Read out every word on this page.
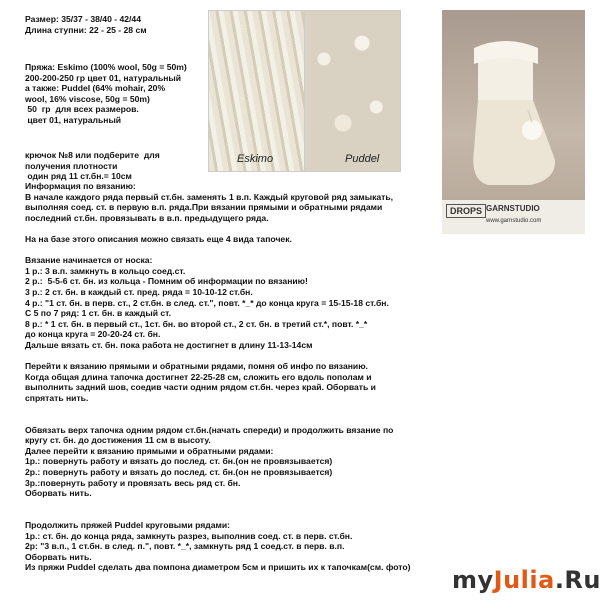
Размер: 35/37 - 38/40 - 42/44
Длина ступни: 22 - 25 - 28 см
Пряжа: Eskimo (100% wool, 50g = 50m)
200-200-250 гр цвет 01, натуральный
а также: Puddel (64% mohair, 20%
wool, 16% viscose, 50g = 50m)
50  гр  для всех размеров.
цвет 01, натуральный
крючок №8 или подберите  для
получения плотности
один ряд 11 ст.бн.= 10см
Информация по вязанию:
В начале каждого ряда первый ст.бн. заменять 1 в.п. Каждый круговой ряд замыкать,
выполняя соед. ст. в первую в.п. ряда.При вязании прямыми и обратными рядами
последний ст.бн. провязывать в в.п. предыдущего ряда.

На на базе этого описания можно связать еще 4 вида тапочек.

Вязание начинается от носка:
1 р.: 3 в.п. замкнуть в кольцо соед.ст.
2 р.:  5-5-6 ст. бн. из кольца - Помним об информации по вязанию!
3 р.: 2 ст. бн. в каждый ст. пред. ряда = 10-10-12 ст.бн.
4 р.: "1 ст. бн. в перв. ст., 2 ст.бн. в след. ст.", повт. *_* до конца круга = 15-15-18 ст.бн.
С 5 по 7 ряд: 1 ст. бн. в каждый ст.
8 р.: * 1 ст. бн. в первый ст., 1ст. бн. во второй ст., 2 ст. бн. в третий ст.*, повт. *_*
до конца круга = 20-20-24 ст. бн.
Дальше вязать ст. бн. пока работа не достигнет в длину 11-13-14см

Перейти к вязанию прямыми и обратными рядами, помня об инфо по вязанию.
Когда общая длина тапочка достигнет 22-25-28 см, сложить его вдоль пополам и
выполнить задний шов, соедив части одним рядом ст.бн. через край. Оборвать и
спрятать нить.

Обвязать верх тапочка одним рядом ст.бн.(начать спереди) и продолжить вязание по
кругу ст. бн. до достижения 11 см в высоту.
Далее перейти к вязанию прямыми и обратными рядами:
1р.: повернуть работу и вязать до послед. ст. бн.(он не провязывается)
2р.: повернуть работу и вязать до послед. ст. бн.(он не провязывается)
3р.:повернуть работу и провязать весь ряд ст. бн.
Оборвать нить.

Продолжить пряжей Puddel круговыми рядами:
1р.: ст. бн. до конца ряда, замкнуть разрез, выполнив соед. ст. в перв. ст.бн.
2р: "3 в.п., 1 ст.бн. в след. п.", повт. *_*, замкнуть ряд 1 соед.ст. в перв. в.п.
Оборвать нить.
Из пряжи Puddel сделать два помпона диаметром 5см и пришить их к тапочкам(см. фото)
Eskimo	Puddel
DROPS GARNSTUDIO
www.garnstudio.com
myJulia.Ru
